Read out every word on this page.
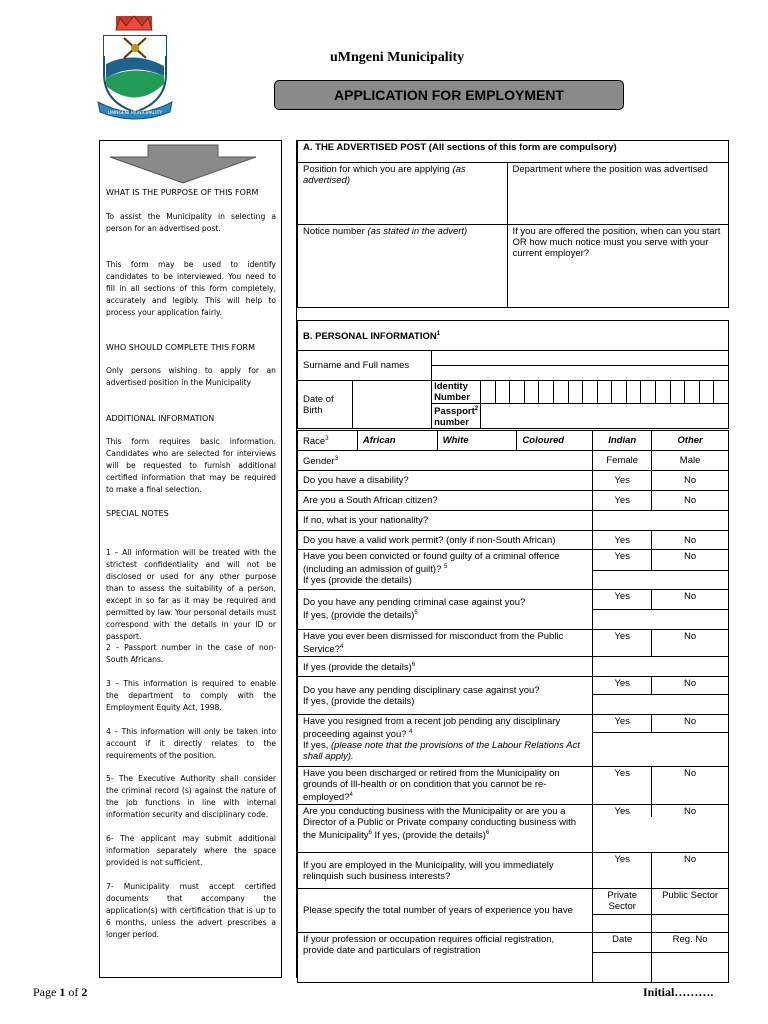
UMNGENI MUNICIPALITY
uMngeni Municipality
APPLICATION FOR EMPLOYMENT
WHAT IS THE PURPOSE OF THIS FORM
To assist the Municipality in selecting a person for an advertised post.
This form may be used to identify candidates to be interviewed. You need to fill in all sections of this form completely, accurately and legibly. This will help to process your application fairly.
WHO SHOULD COMPLETE THIS FORM
Only persons wishing to apply for an advertised position in the Municipality
ADDITIONAL INFORMATION
This form requires basic information. Candidates who are selected for interviews will be requested to furnish additional certified information that may be required to make a final selection.
SPECIAL NOTES
1 – All information will be treated with the strictest confidentiality and will not be disclosed or used for any other purpose than to assess the suitability of a person, except in so far as it may be required and permitted by law. Your personal details must correspond with the details in your ID or passport.
2 – Passport number in the case of non-South Africans.
3 – This information is required to enable the department to comply with the Employment Equity Act, 1998.
4 – This information will only be taken into account if it directly relates to the requirements of the position.
5- The Executive Authority shall consider the criminal record (s) against the nature of the job functions in line with internal information security and disciplinary code.
6- The applicant may submit additional information separately where the space provided is not sufficient.
7- Municipality must accept certified documents that accompany the application(s) with certification that is up to 6 months, unless the advert prescribes a longer period.
A. THE ADVERTISED POST (All sections of this form are compulsory)	
Position for which you are applying (as advertised)	Department where the position was advertised
Notice number (as stated in the advert)	If you are offered the position, when can you start OR how much notice must you serve with your current employer?
B. PERSONAL INFORMATION$^1$
Surname and Full names																			

Date of Birth		Identity Number																	
		Passport$^2$ number																	
Race$^3$	African	White	Coloured	Indian	Other
Gender$^3$				Female	Male
Do you have a disability?				Yes	No
Are you a South African citizen?				Yes	No
If no, what is your nationality?					
Do you have a valid work permit? (only if non-South African)				Yes	No
Have you been convicted or found guilty of a criminal offence (including an admission of guilt)? $^5$
If yes (provide the details)				Yes	No

Do you have any pending criminal case against you?
If yes, (provide the details)$^5$				Yes	No

Have you ever been dismissed for misconduct from the Public Service?$^4$				Yes	No
If yes (provide the details)$^6$	
Do you have any pending disciplinary case against you?
If yes, (provide the details)				Yes	No

Have you resigned from a recent job pending any disciplinary proceeding against you? $^4$
If yes, (please note that the provisions of the Labour Relations Act shall apply).				Yes	No

Have you been discharged or retired from the Municipality on grounds of Ill-health or on condition that you cannot be re-employed?$^4$				Yes	No
Are you conducting business with the Municipality or are you a Director of a Public or Private company conducting business with the Municipality$^6$ If yes, (provide the details)$^6$				Yes No	

If you are employed in the Municipality, will you immediately relinquish such business interests?				Yes	No
Please specify the total number of years of experience you have				Private Sector	Public Sector

If your profession or occupation requires official registration, provide date and particulars of registration				Date	Reg. No

Page 1 of 2	Initial……….
